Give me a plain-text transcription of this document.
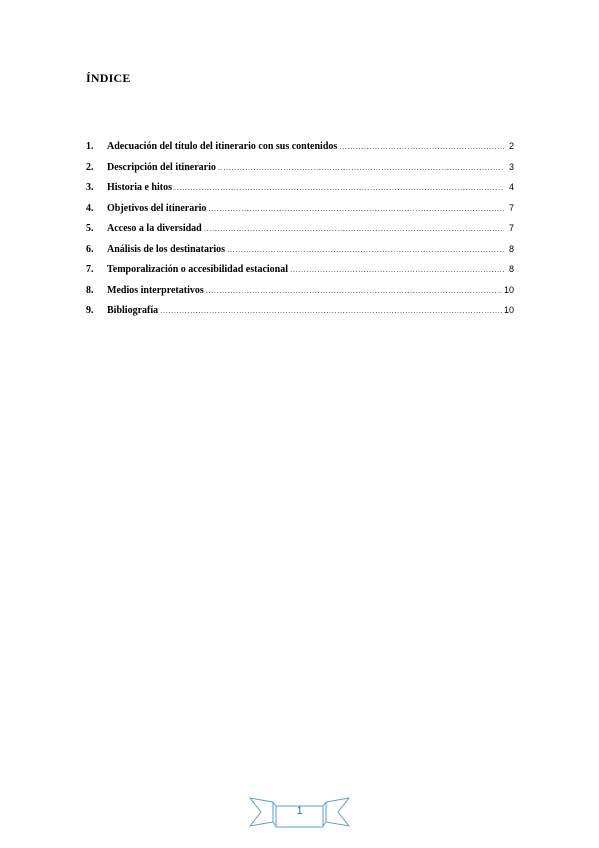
ÍNDICE
1.	Adecuación del título del itinerario con sus contenidos .....	2
2.	Descripción del itinerario .....	3
3.	Historia e hitos .....	4
4.	Objetivos del itinerario .....	7
5.	Acceso a la diversidad .....	7
6.	Análisis de los destinatarios .....	8
7.	Temporalización o accesibilidad estacional .....	8
8.	Medios interpretativos .....	10
9.	Bibliografía .....	10
1
